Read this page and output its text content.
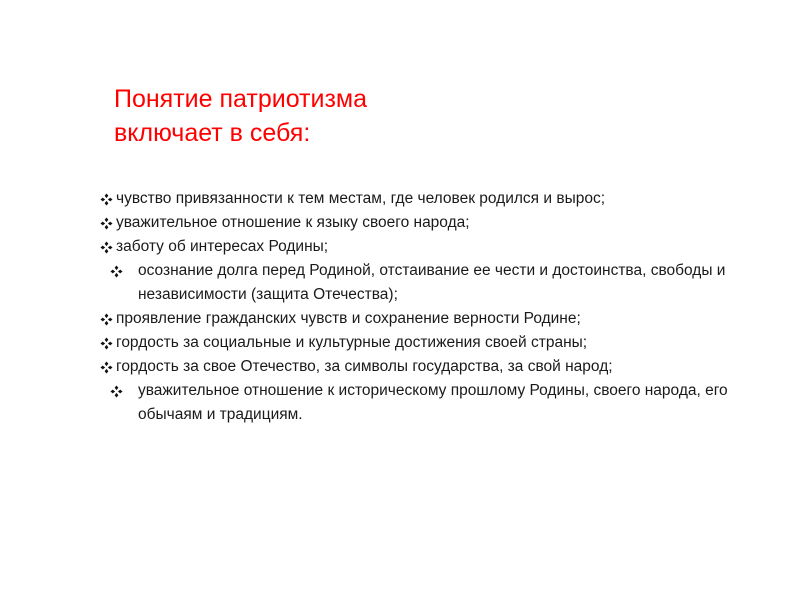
Понятие патриотизма
включает в себя:
чувство привязанности к тем местам, где человек родился и вырос;
уважительное отношение к языку своего народа;
заботу об интересах Родины;
осознание долга перед Родиной, отстаивание ее чести и достоинства, свободы и независимости (защита Отечества);
проявление гражданских чувств и сохранение верности Родине;
гордость за социальные и культурные достижения своей страны;
гордость за свое Отечество, за символы государства, за свой народ;
уважительное отношение к историческому прошлому Родины, своего народа, его обычаям и традициям.
